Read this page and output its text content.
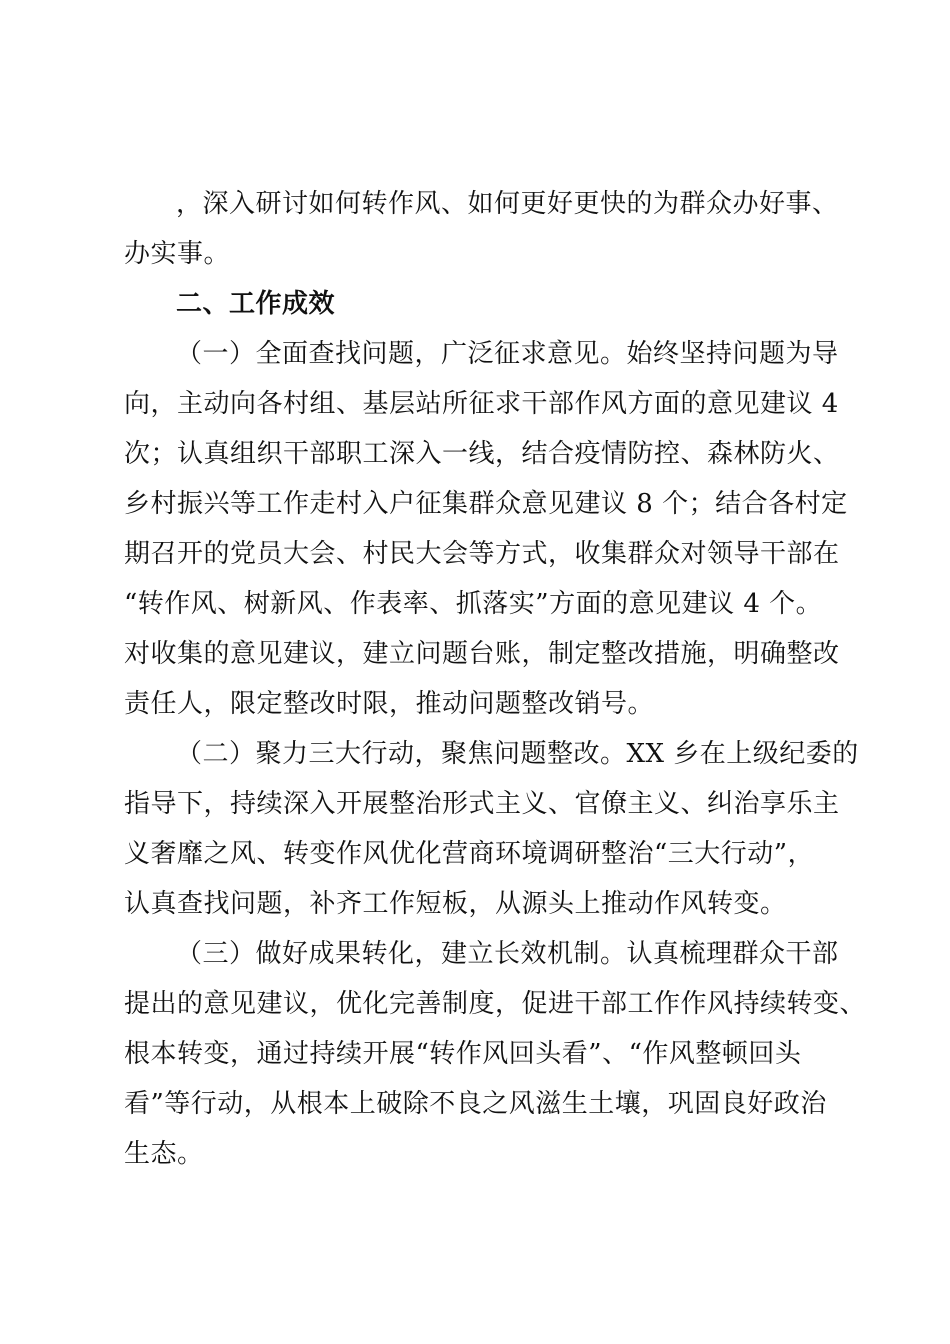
，深入研讨如何转作风、如何更好更快的为群众办好事、
办实事。
二、工作成效
（一）全面查找问题，广泛征求意见。始终坚持问题为导
向，主动向各村组、基层站所征求干部作风方面的意见建议 4
次；认真组织干部职工深入一线，结合疫情防控、森林防火、
乡村振兴等工作走村入户征集群众意见建议 8 个；结合各村定
期召开的党员大会、村民大会等方式，收集群众对领导干部在
“转作风、树新风、作表率、抓落实”方面的意见建议 4 个。
对收集的意见建议，建立问题台账，制定整改措施，明确整改
责任人，限定整改时限，推动问题整改销号。
（二）聚力三大行动，聚焦问题整改。XX 乡在上级纪委的
指导下，持续深入开展整治形式主义、官僚主义、纠治享乐主
义奢靡之风、转变作风优化营商环境调研整治“三大行动”，
认真查找问题，补齐工作短板，从源头上推动作风转变。
（三）做好成果转化，建立长效机制。认真梳理群众干部
提出的意见建议，优化完善制度，促进干部工作作风持续转变、
根本转变，通过持续开展“转作风回头看”、“作风整顿回头
看”等行动，从根本上破除不良之风滋生土壤，巩固良好政治
生态。
